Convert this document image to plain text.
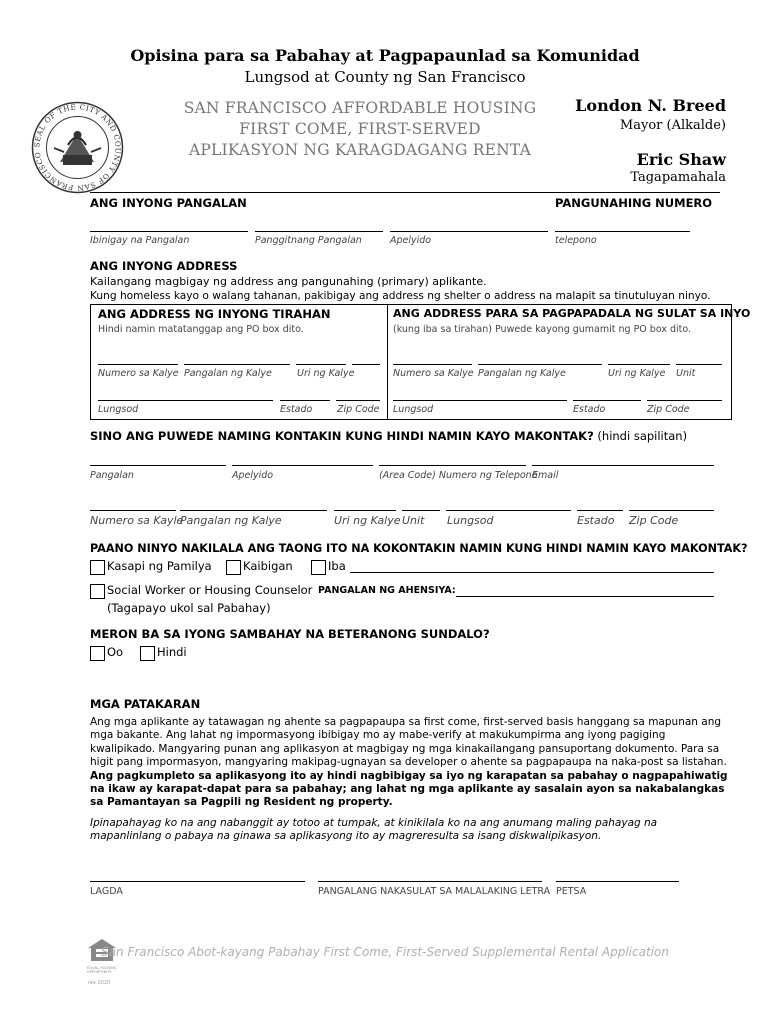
Opisina para sa Pabahay at Pagpapaunlad sa Komunidad
Lungsod at County ng San Francisco
SEAL OF THE CITY AND COUNTY OF SAN FRANCISCO
SAN FRANCISCO AFFORDABLE HOUSING
FIRST COME, FIRST-SERVED
APLIKASYON NG KARAGDAGANG RENTA
London N. Breed
Mayor (Alkalde)
Eric Shaw
Tagapamahala
ANG INYONG PANGALAN	PANGUNAHING NUMERO
Ibinigay na Pangalan	Panggitnang Pangalan	Apelyido	telepono
ANG INYONG ADDRESS
Kailangang magbigay ng address ang pangunahing (primary) aplikante.
Kung homeless kayo o walang tahanan, pakibigay ang address ng shelter o address na malapit sa tinutuluyan ninyo.
ANG ADDRESS NG INYONG TIRAHAN
Hindi namin matatanggap ang PO box dito.
ANG ADDRESS PARA SA PAGPAPADALA NG SULAT SA INYO
(kung iba sa tirahan) Puwede kayong gumamit ng PO box dito.
Numero sa Kalye Pangalan ng Kalye	Uri ng Kalye
Lungsod	Estado	Zip Code
Numero sa Kalye Pangalan ng Kalye	Uri ng Kalye Unit
Lungsod	Estado	Zip Code
SINO ANG PUWEDE NAMING KONTAKIN KUNG HINDI NAMIN KAYO MAKONTAK? (hindi sapilitan)
Pangalan	Apelyido	(Area Code) Numero ng Telepono
Email
Numero sa Kayle
Pangalan ng Kalye	Uri ng Kalye Unit Lungsod	Estado Zip Code
PAANO NINYO NAKILALA ANG TAONG ITO NA KOKONTAKIN NAMIN KUNG HINDI NAMIN KAYO MAKONTAK?
Kasapi ng Pamilya	Kaibigan	Iba
Social Worker or Housing Counselor PANGALAN NG AHENSIYA:
(Tagapayo ukol sal Pabahay)
MERON BA SA IYONG SAMBAHAY NA BETERANONG SUNDALO?
Oo	Hindi
MGA PATAKARAN
Ang mga aplikante ay tatawagan ng ahente sa pagpapaupa sa first come, first-served basis hanggang sa mapunan ang mga bakante. Ang lahat ng impormasyong ibibigay mo ay mabe-verify at makukumpirma ang iyong pagiging kwalipikado. Mangyaring punan ang aplikasyon at magbigay ng mga kinakailangang pansuportang dokumento. Para sa higit pang impormasyon, mangyaring makipag-ugnayan sa developer o ahente sa pagpapaupa na naka-post sa listahan. Ang pagkumpleto sa aplikasyong ito ay hindi nagbibigay sa iyo ng karapatan sa pabahay o nagpapahiwatig na ikaw ay karapat-dapat para sa pabahay; ang lahat ng mga aplikante ay sasalain ayon sa nakabalangkas sa Pamantayan sa Pagpili ng Resident ng property.
Ipinapahayag ko na ang nabanggit ay totoo at tumpak, at kinikilala ko na ang anumang maling pahayag na mapanlinlang o pabaya na ginawa sa aplikasyong ito ay magreresulta sa isang diskwalipikasyon.
LAGDA	PANGALANG NAKASULAT SA MALALAKING LETRA PETSA
EQUAL HOUSING OPPORTUNITY
rev 2020
San Francisco Abot-kayang Pabahay First Come, First-Served Supplemental Rental Application
